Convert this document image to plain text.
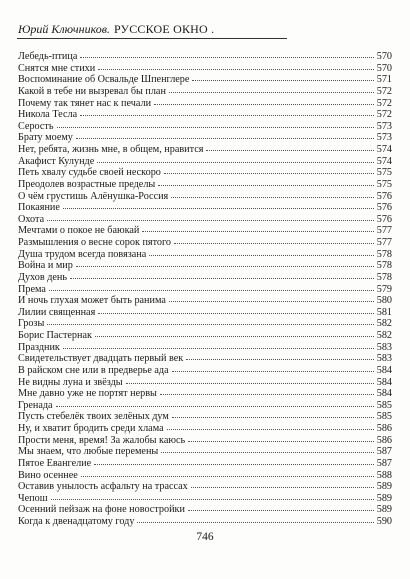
Юрий Ключников. РУССКОЕ ОКНО .
Лебедь-птица	570
Снятся мне стихи	570
Воспоминание об Освальде Шпенглере	571
Какой в тебе ни вызревал бы план	572
Почему так тянет нас к печали	572
Никола Тесла	572
Серость	573
Брату моему	573
Нет, ребята, жизнь мне, в общем, нравится	574
Акафист Кулунде	574
Петь хвалу судьбе своей нескоро	575
Преодолев возрастные пределы	575
О чём грустишь Алёнушка-Россия	576
Покаяние	576
Охота	576
Мечтами о покое не баюкай	577
Размышления о весне сорок пятого	577
Душа трудом всегда повязана	578
Война и мир	578
Духов день	578
Према	579
И ночь глухая может быть ранима	580
Лилии священная	581
Грозы	582
Борис Пастернак	582
Праздник	583
Свидетельствует двадцать первый век	583
В райском сне или в предверье ада	584
Не видны луна и звёзды	584
Мне давно уже не портят нервы	584
Гренада	585
Пусть стебелёк твоих зелёных дум	585
Ну, и хватит бродить среди хлама	586
Прости меня, время! За жалобы каюсь	586
Мы знаем, что любые перемены	587
Пятое Евангелие	587
Вино осеннее	588
Оставив унылость асфальту на трассах	589
Чепош	589
Осенний пейзаж на фоне новостройки	589
Когда к двенадцатому году	590
746
